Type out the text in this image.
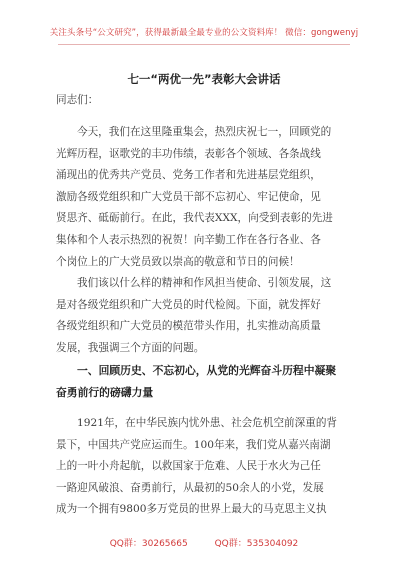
关注头条号“公文研究”，获得最新最全最专业的公文资料库！ 微信：gongwenyj
七一“两优一先”表彰大会讲话
同志们：
今天，我们在这里隆重集会，热烈庆祝七一，回顾党的
光辉历程，讴歌党的丰功伟绩，表彰各个领域、各条战线
涌现出的优秀共产党员、党务工作者和先进基层党组织，
激励各级党组织和广大党员干部不忘初心、牢记使命，见
贤思齐、砥砺前行。在此，我代表XXX，向受到表彰的先进
集体和个人表示热烈的祝贺！向辛勤工作在各行各业、各
个岗位上的广大党员致以崇高的敬意和节日的问候！
我们该以什么样的精神和作风担当使命、引领发展，这
是对各级党组织和广大党员的时代检阅。下面，就发挥好
各级党组织和广大党员的模范带头作用，扎实推动高质量
发展，我强调三个方面的问题。
一、回顾历史、不忘初心，从党的光辉奋斗历程中凝聚
奋勇前行的磅礴力量
1921年，在中华民族内忧外患、社会危机空前深重的背
景下，中国共产党应运而生。100年来，我们党从嘉兴南湖
上的一叶小舟起航，以救国家于危难、人民于水火为己任
一路迎风破浪、奋勇前行，从最初的50余人的小党，发展
成为一个拥有9800多万党员的世界上最大的马克思主义执
QQ群：30265665	QQ群：535304092
